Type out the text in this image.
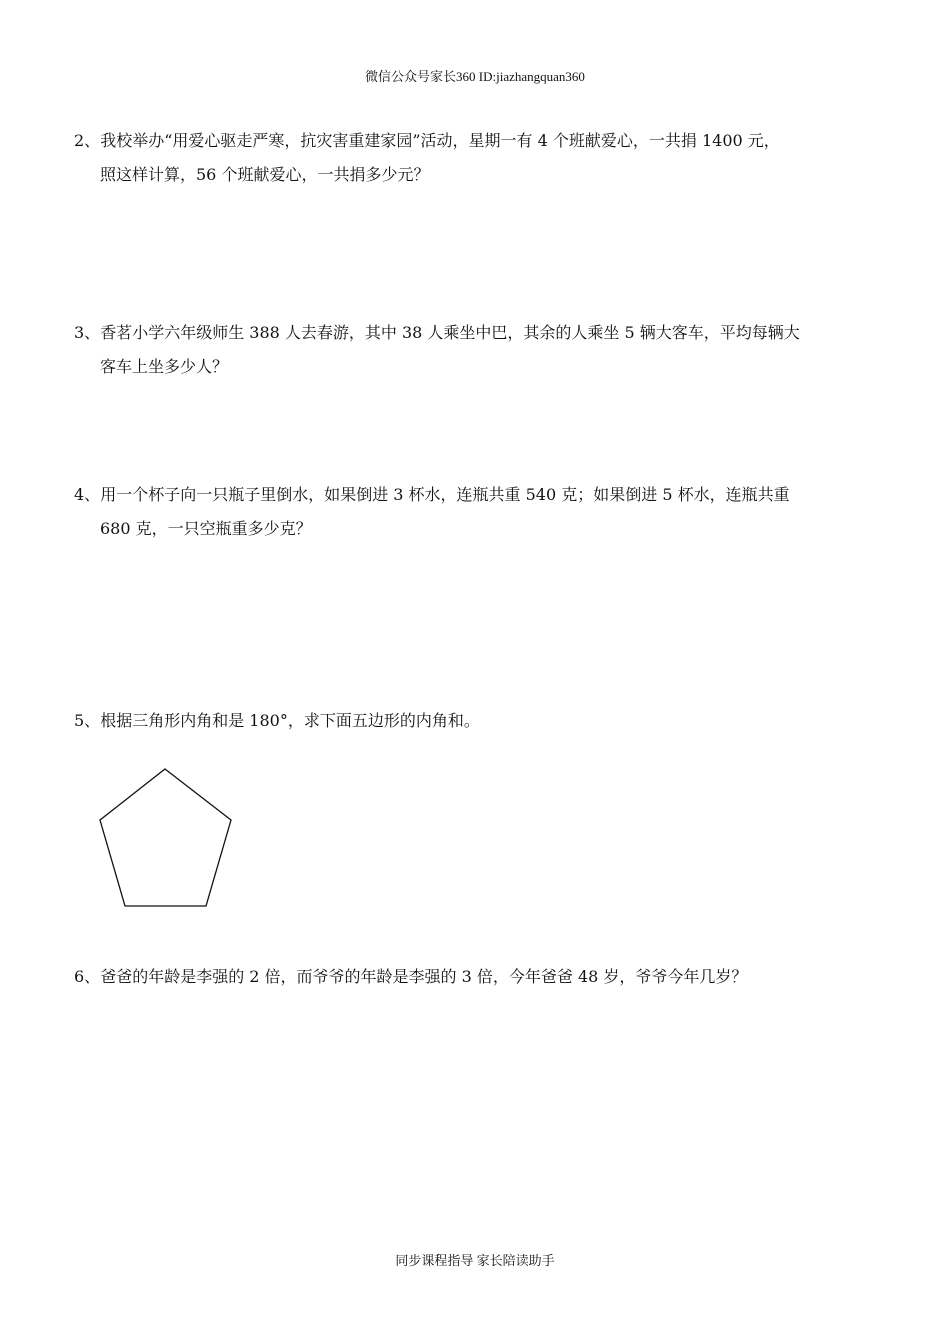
微信公众号家长360 ID:jiazhangquan360
2、我校举办“用爱心驱走严寒，抗灾害重建家园”活动，星期一有 4 个班献爱心，一共捐 1400 元，
照这样计算，56 个班献爱心，一共捐多少元？
3、香茗小学六年级师生 388 人去春游，其中 38 人乘坐中巴，其余的人乘坐 5 辆大客车，平均每辆大
客车上坐多少人？
4、用一个杯子向一只瓶子里倒水，如果倒进 3 杯水，连瓶共重 540 克；如果倒进 5 杯水，连瓶共重
680 克，一只空瓶重多少克？
5、根据三角形内角和是 180°，求下面五边形的内角和。
6、爸爸的年龄是李强的 2 倍，而爷爷的年龄是李强的 3 倍，今年爸爸 48 岁，爷爷今年几岁？
同步课程指导 家长陪读助手
